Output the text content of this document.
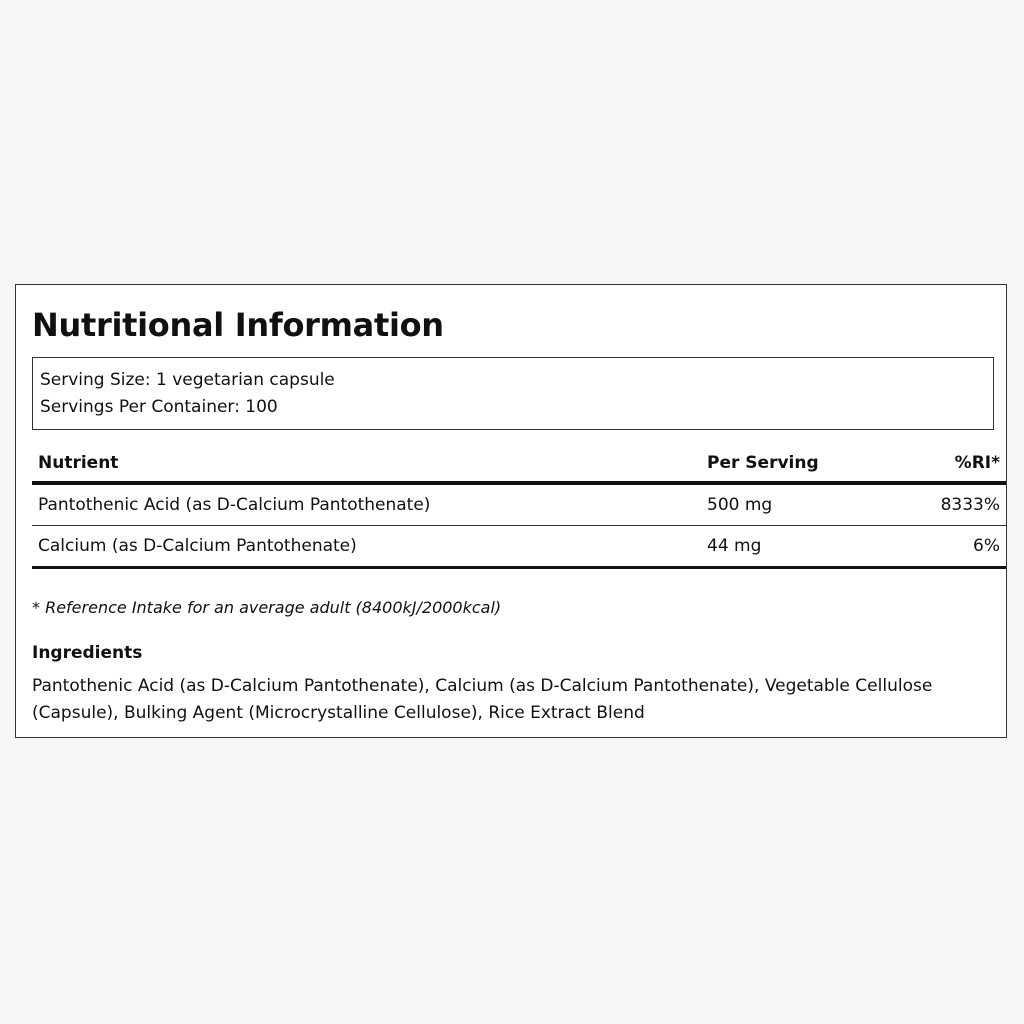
Nutritional Information
Serving Size: 1 vegetarian capsule
Servings Per Container: 100
Nutrient	Per Serving	%RI*
Pantothenic Acid (as D-Calcium Pantothenate)	500 mg	8333%
Calcium (as D-Calcium Pantothenate)	44 mg	6%

* Reference Intake for an average adult (8400kJ/2000kcal)

Ingredients

Pantothenic Acid (as D-Calcium Pantothenate), Calcium (as D-Calcium Pantothenate), Vegetable Cellulose (Capsule), Bulking Agent (Microcrystalline Cellulose), Rice Extract Blend
